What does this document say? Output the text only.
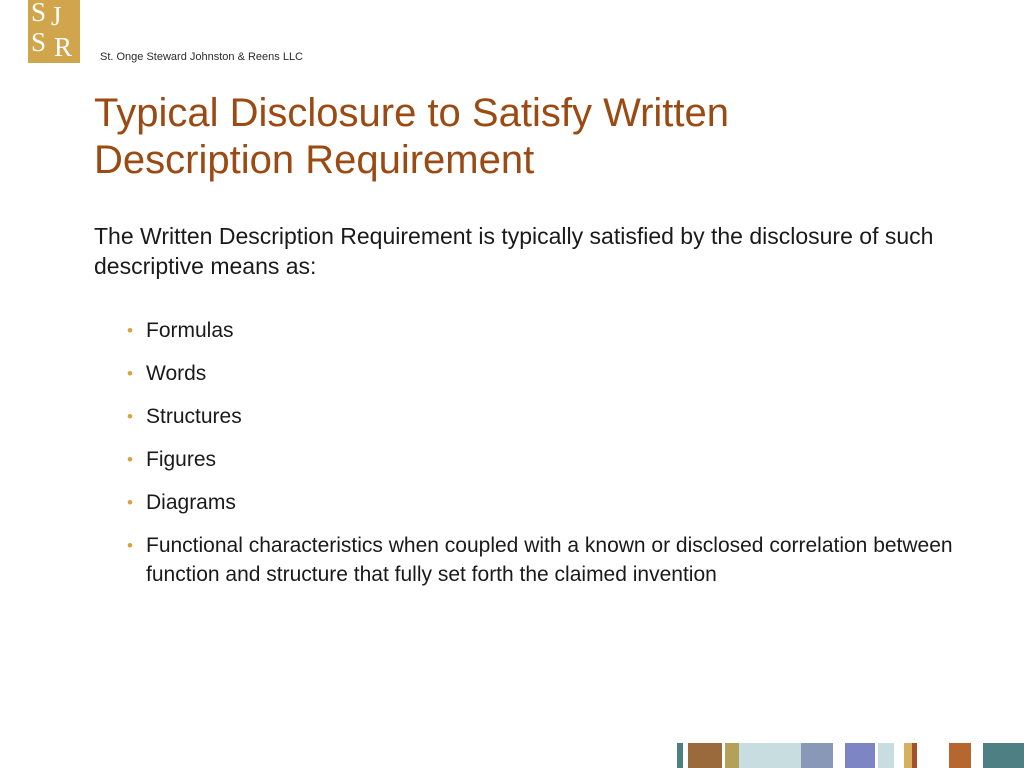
S J
S R	St. Onge Steward Johnston & Reens LLC
Typical Disclosure to Satisfy Written
Description Requirement

The Written Description Requirement is typically satisfied by the disclosure of such descriptive means as:

• Formulas
• Words
• Structures
• Figures
• Diagrams
• Functional characteristics when coupled with a known or disclosed correlation between function and structure that fully set forth the claimed invention
